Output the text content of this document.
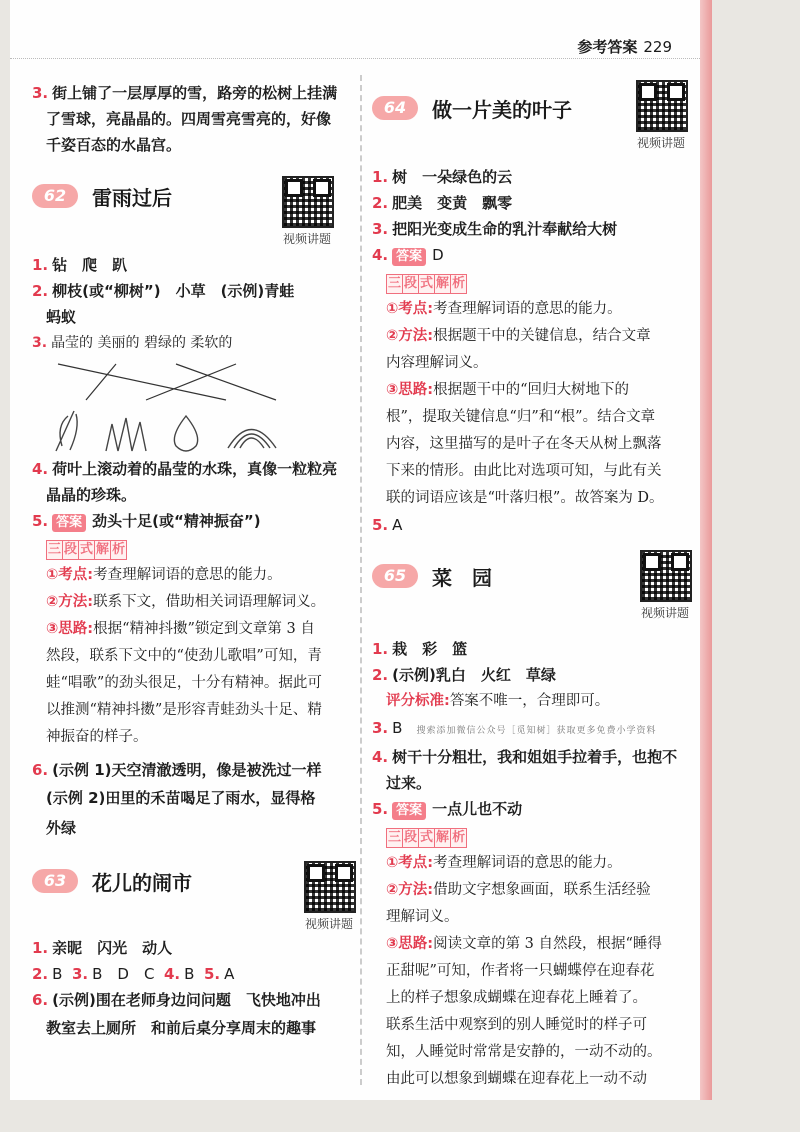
参考答案 229
3. 街上铺了一层厚厚的雪，路旁的松树上挂满
了雪球，亮晶晶的。四周雪亮雪亮的，好像
千姿百态的水晶宫。
62	雷雨过后
视频讲题
1. 钻　爬　趴
2. 柳枝(或“柳树”)　小草　(示例)青蛙
蚂蚁
3. 晶莹的 美丽的 碧绿的 柔软的
4. 荷叶上滚动着的晶莹的水珠，真像一粒粒亮
晶晶的珍珠。
5. 答案 劲头十足(或“精神振奋”)
三 段 式 解 析
①考点:考查理解词语的意思的能力。
②方法:联系下文，借助相关词语理解词义。
③思路:根据“精神抖擞”锁定到文章第 3 自
然段，联系下文中的“使劲儿歌唱”可知，青
蛙“唱歌”的劲头很足，十分有精神。据此可
以推测“精神抖擞”是形容青蛙劲头十足、精
神振奋的样子。
6. (示例 1)天空清澈透明，像是被洗过一样
(示例 2)田里的禾苗喝足了雨水，显得格
外绿
63	花儿的闹市
视频讲题
1. 亲昵　闪光　动人
2. B 3. B　D　C 4. B 5. A
6. (示例)围在老师身边问问题　飞快地冲出
教室去上厕所　和前后桌分享周末的趣事
64	做一片美的叶子
视频讲题
1. 树　一朵绿色的云
2. 肥美　变黄　飘零
3. 把阳光变成生命的乳汁奉献给大树
4. 答案 D
三 段 式 解 析
①考点:考查理解词语的意思的能力。
②方法:根据题干中的关键信息，结合文章
内容理解词义。
③思路:根据题干中的“回归大树地下的
根”，提取关键信息“归”和“根”。结合文章
内容，这里描写的是叶子在冬天从树上飘落
下来的情形。由此比对选项可知，与此有关
联的词语应该是“叶落归根”。故答案为 D。
5. A
65	菜　园
视频讲题
1. 栽　彩　篮
2. (示例)乳白　火红　草绿
评分标准:答案不唯一，合理即可。
3. B 搜索添加微信公众号［觅知树］获取更多免费小学资料
4. 树干十分粗壮，我和姐姐手拉着手，也抱不
过来。
5. 答案 一点儿也不动
三 段 式 解 析
①考点:考查理解词语的意思的能力。
②方法:借助文字想象画面，联系生活经验
理解词义。
③思路:阅读文章的第 3 自然段，根据“睡得
正甜呢”可知，作者将一只蝴蝶停在迎春花
上的样子想象成蝴蝶在迎春花上睡着了。
联系生活中观察到的别人睡觉时的样子可
知，人睡觉时常常是安静的，一动不动的。
由此可以想象到蝴蝶在迎春花上一动不动
